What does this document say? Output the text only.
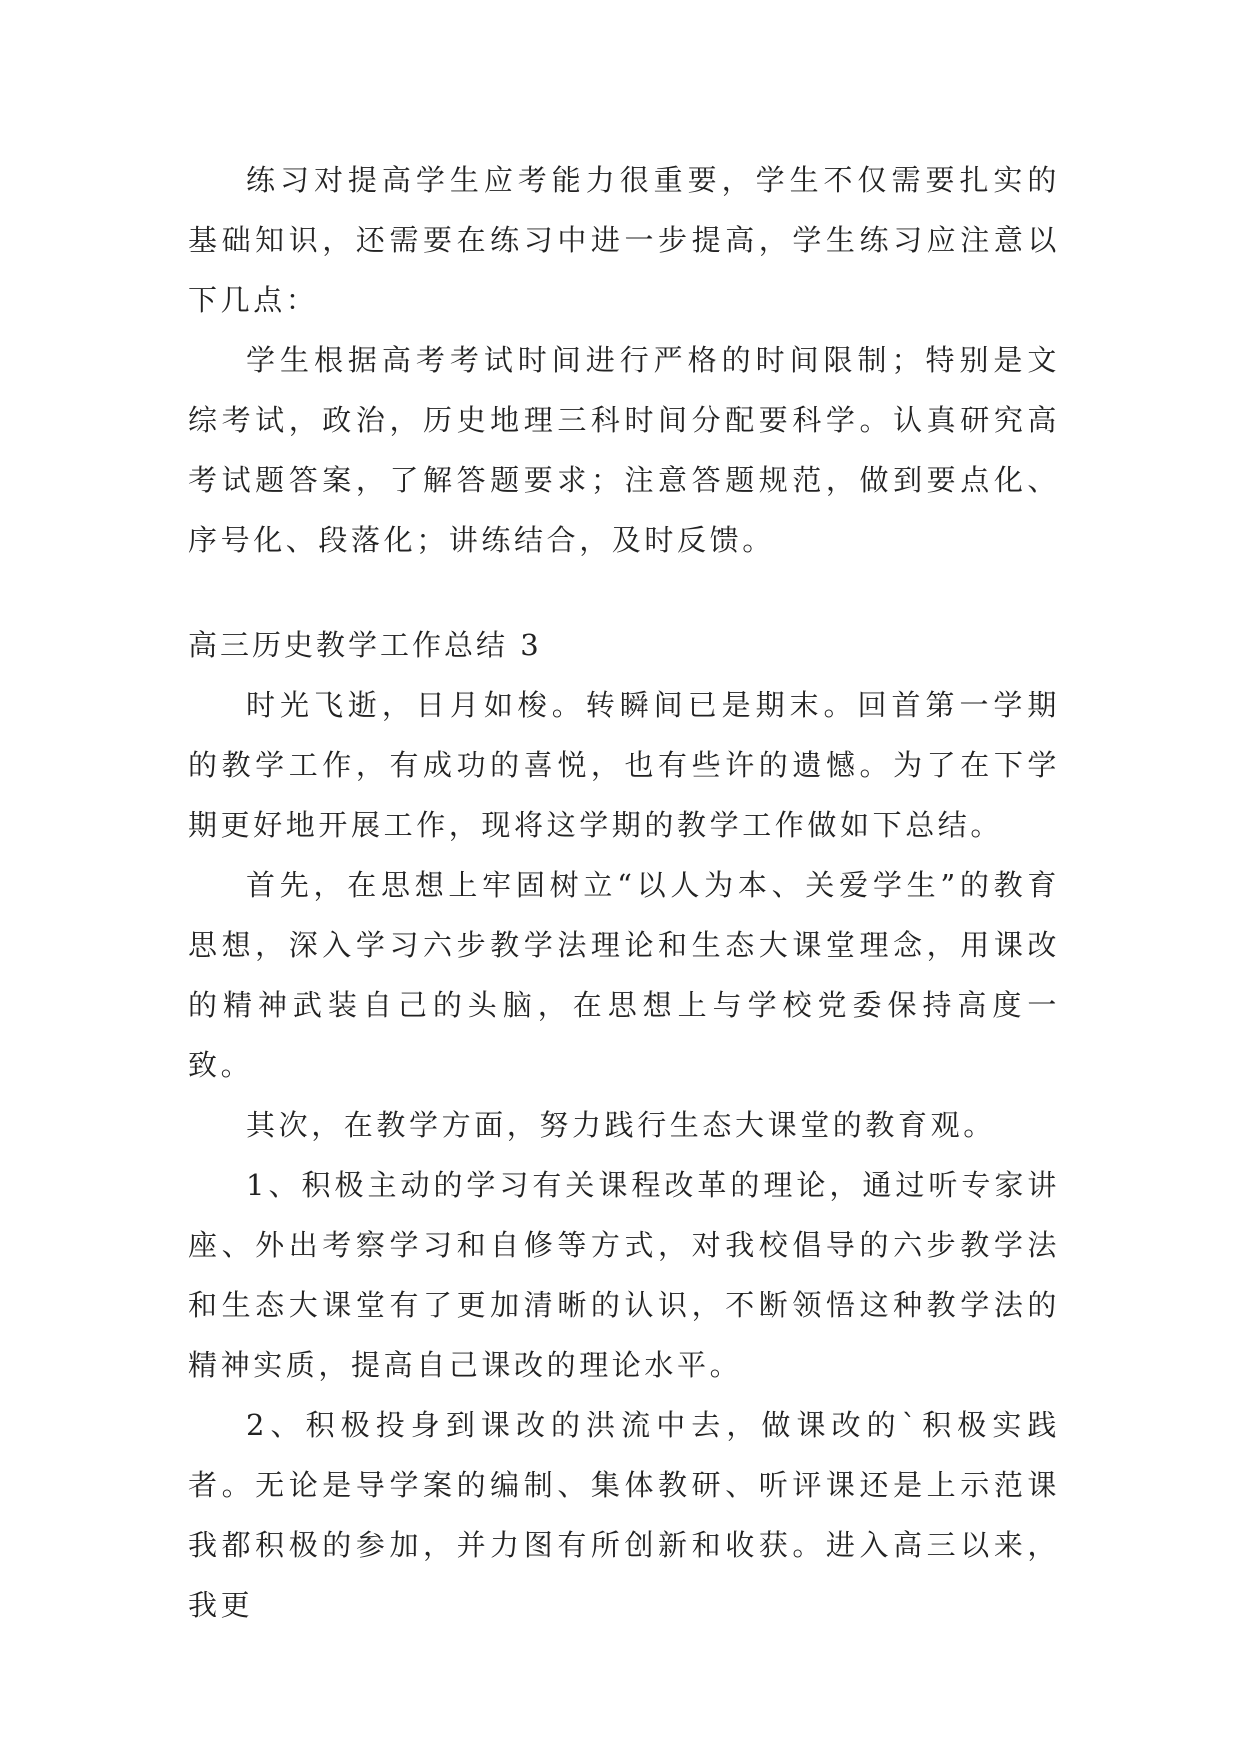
练习对提高学生应考能力很重要，学生不仅需要扎实的基础知识，还需要在练习中进一步提高，学生练习应注意以下几点：

学生根据高考考试时间进行严格的时间限制；特别是文综考试，政治，历史地理三科时间分配要科学。认真研究高考试题答案，了解答题要求；注意答题规范，做到要点化、序号化、段落化；讲练结合，及时反馈。

高三历史教学工作总结 3

时光飞逝，日月如梭。转瞬间已是期末。回首第一学期的教学工作，有成功的喜悦，也有些许的遗憾。为了在下学期更好地开展工作，现将这学期的教学工作做如下总结。

首先，在思想上牢固树立“以人为本、关爱学生”的教育思想，深入学习六步教学法理论和生态大课堂理念，用课改的精神武装自己的头脑，在思想上与学校党委保持高度一致。

其次，在教学方面，努力践行生态大课堂的教育观。

1、积极主动的学习有关课程改革的理论，通过听专家讲座、外出考察学习和自修等方式，对我校倡导的六步教学法和生态大课堂有了更加清晰的认识，不断领悟这种教学法的精神实质，提高自己课改的理论水平。

2、积极投身到课改的洪流中去，做课改的`积极实践者。无论是导学案的编制、集体教研、听评课还是上示范课我都积极的参加，并力图有所创新和收获。进入高三以来，我更
